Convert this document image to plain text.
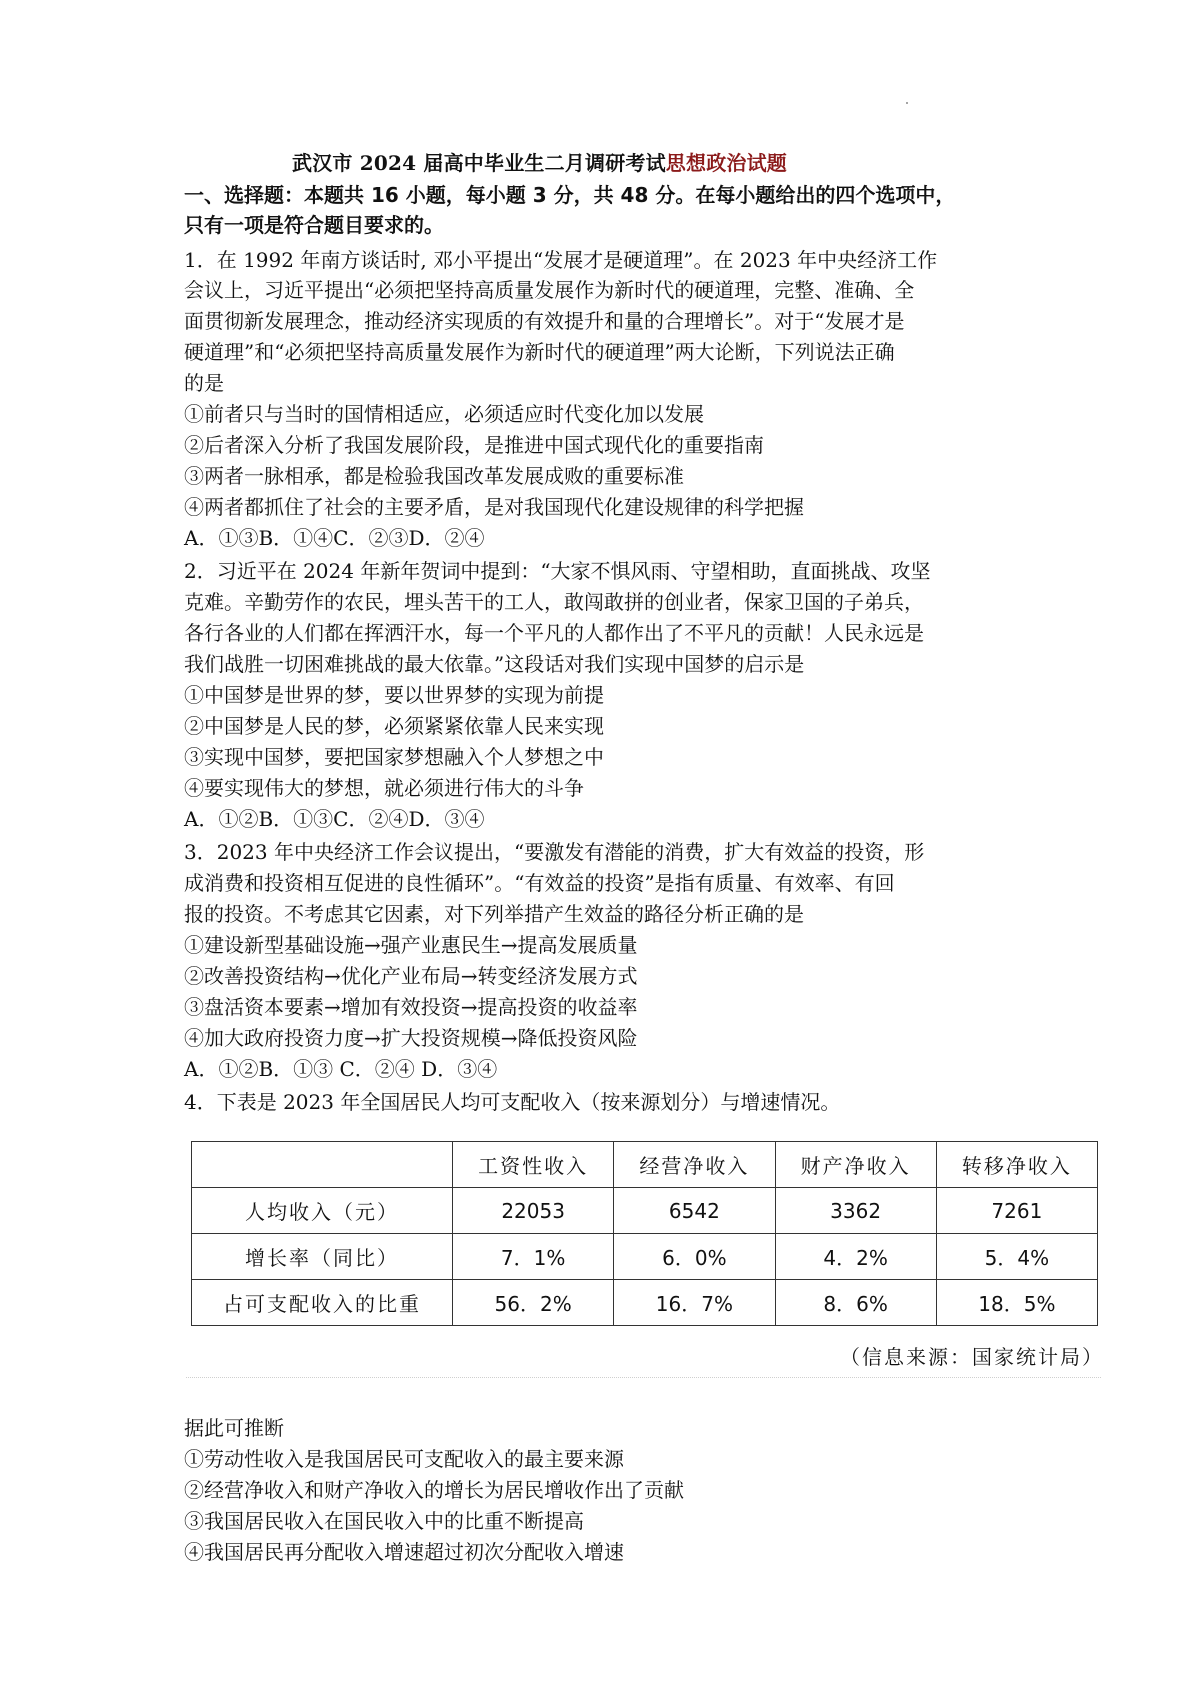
武汉市 2024 届高中毕业生二月调研考试思想政治试题
一、选择题：本题共 16 小题，每小题 3 分，共 48 分。在每小题给出的四个选项中，
只有一项是符合题目要求的。
1．在 1992 年南方谈话时, 邓小平提出“发展才是硬道理”。在 2023 年中央经济工作
会议上，习近平提出“必须把坚持高质量发展作为新时代的硬道理，完整、准确、全
面贯彻新发展理念，推动经济实现质的有效提升和量的合理增长”。对于“发展才是
硬道理”和“必须把坚持高质量发展作为新时代的硬道理”两大论断，下列说法正确
的是
①前者只与当时的国情相适应，必须适应时代变化加以发展
②后者深入分析了我国发展阶段，是推进中国式现代化的重要指南
③两者一脉相承，都是检验我国改革发展成败的重要标准
④两者都抓住了社会的主要矛盾，是对我国现代化建设规律的科学把握
A．①③B．①④C．②③D．②④
2．习近平在 2024 年新年贺词中提到：“大家不惧风雨、守望相助，直面挑战、攻坚
克难。辛勤劳作的农民，埋头苦干的工人，敢闯敢拼的创业者，保家卫国的子弟兵，
各行各业的人们都在挥洒汗水，每一个平凡的人都作出了不平凡的贡献！人民永远是
我们战胜一切困难挑战的最大依靠。”这段话对我们实现中国梦的启示是
①中国梦是世界的梦，要以世界梦的实现为前提
②中国梦是人民的梦，必须紧紧依靠人民来实现
③实现中国梦，要把国家梦想融入个人梦想之中
④要实现伟大的梦想，就必须进行伟大的斗争
A．①②B．①③C．②④D．③④
3．2023 年中央经济工作会议提出，“要激发有潜能的消费，扩大有效益的投资，形
成消费和投资相互促进的良性循环”。“有效益的投资”是指有质量、有效率、有回
报的投资。不考虑其它因素，对下列举措产生效益的路径分析正确的是
①建设新型基础设施→强产业惠民生→提高发展质量
②改善投资结构→优化产业布局→转变经济发展方式
③盘活资本要素→增加有效投资→提高投资的收益率
④加大政府投资力度→扩大投资规模→降低投资风险
A．①②B．①③ C．②④ D．③④
4．下表是 2023 年全国居民人均可支配收入（按来源划分）与增速情况。
	工资性收入	经营净收入	财产净收入	转移净收入
人均收入（元）	22053	6542	3362	7261
增长率（同比）	7．1%	6．0%	4．2%	5．4%
占可支配收入的比重	56．2%	16．7%	8．6%	18．5%
（信息来源：国家统计局）
据此可推断
①劳动性收入是我国居民可支配收入的最主要来源
②经营净收入和财产净收入的增长为居民增收作出了贡献
③我国居民收入在国民收入中的比重不断提高
④我国居民再分配收入增速超过初次分配收入增速
